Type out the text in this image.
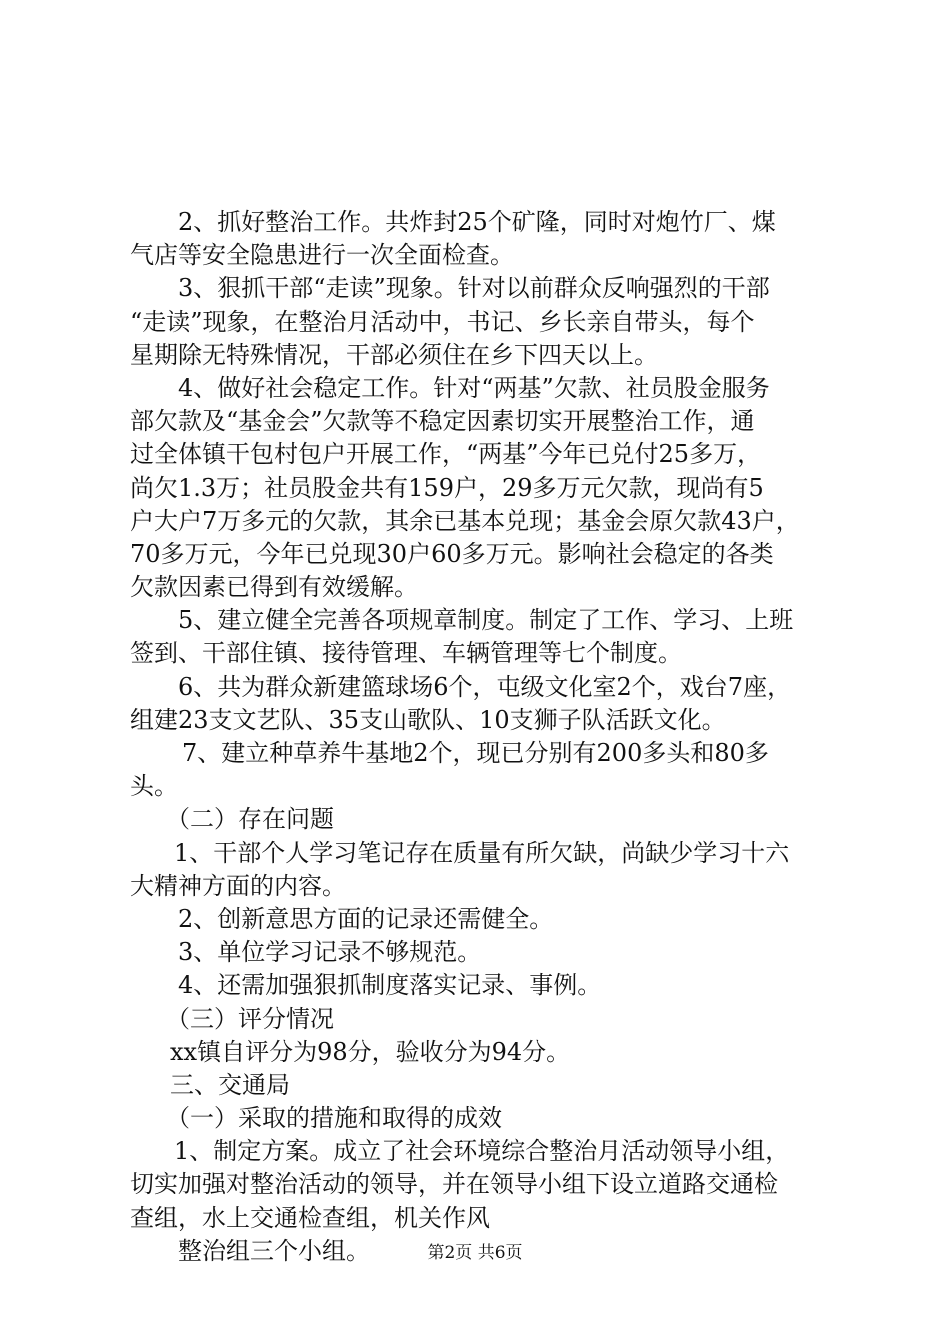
2、抓好整治工作。共炸封25个矿隆，同时对炮竹厂、煤
气店等安全隐患进行一次全面检查。
3、狠抓干部“走读”现象。针对以前群众反响强烈的干部
“走读”现象，在整治月活动中，书记、乡长亲自带头，每个
星期除无特殊情况，干部必须住在乡下四天以上。
4、做好社会稳定工作。针对“两基”欠款、社员股金服务
部欠款及“基金会”欠款等不稳定因素切实开展整治工作，通
过全体镇干包村包户开展工作，“两基”今年已兑付25多万，
尚欠1.3万；社员股金共有159户，29多万元欠款，现尚有5
户大户7万多元的欠款，其余已基本兑现；基金会原欠款43户，
70多万元，今年已兑现30户60多万元。影响社会稳定的各类
欠款因素已得到有效缓解。
5、建立健全完善各项规章制度。制定了工作、学习、上班
签到、干部住镇、接待管理、车辆管理等七个制度。
6、共为群众新建篮球场6个，屯级文化室2个，戏台7座，
组建23支文艺队、35支山歌队、10支狮子队活跃文化。
7、建立种草养牛基地2个，现已分别有200多头和80多
头。
（二）存在问题
1、干部个人学习笔记存在质量有所欠缺，尚缺少学习十六
大精神方面的内容。
2、创新意思方面的记录还需健全。
3、单位学习记录不够规范。
4、还需加强狠抓制度落实记录、事例。
（三）评分情况
xx镇自评分为98分，验收分为94分。
三、交通局
（一）采取的措施和取得的成效
1、制定方案。成立了社会环境综合整治月活动领导小组，
切实加强对整治活动的领导，并在领导小组下设立道路交通检
查组，水上交通检查组，机关作风
整治组三个小组。	第2页 共6页
